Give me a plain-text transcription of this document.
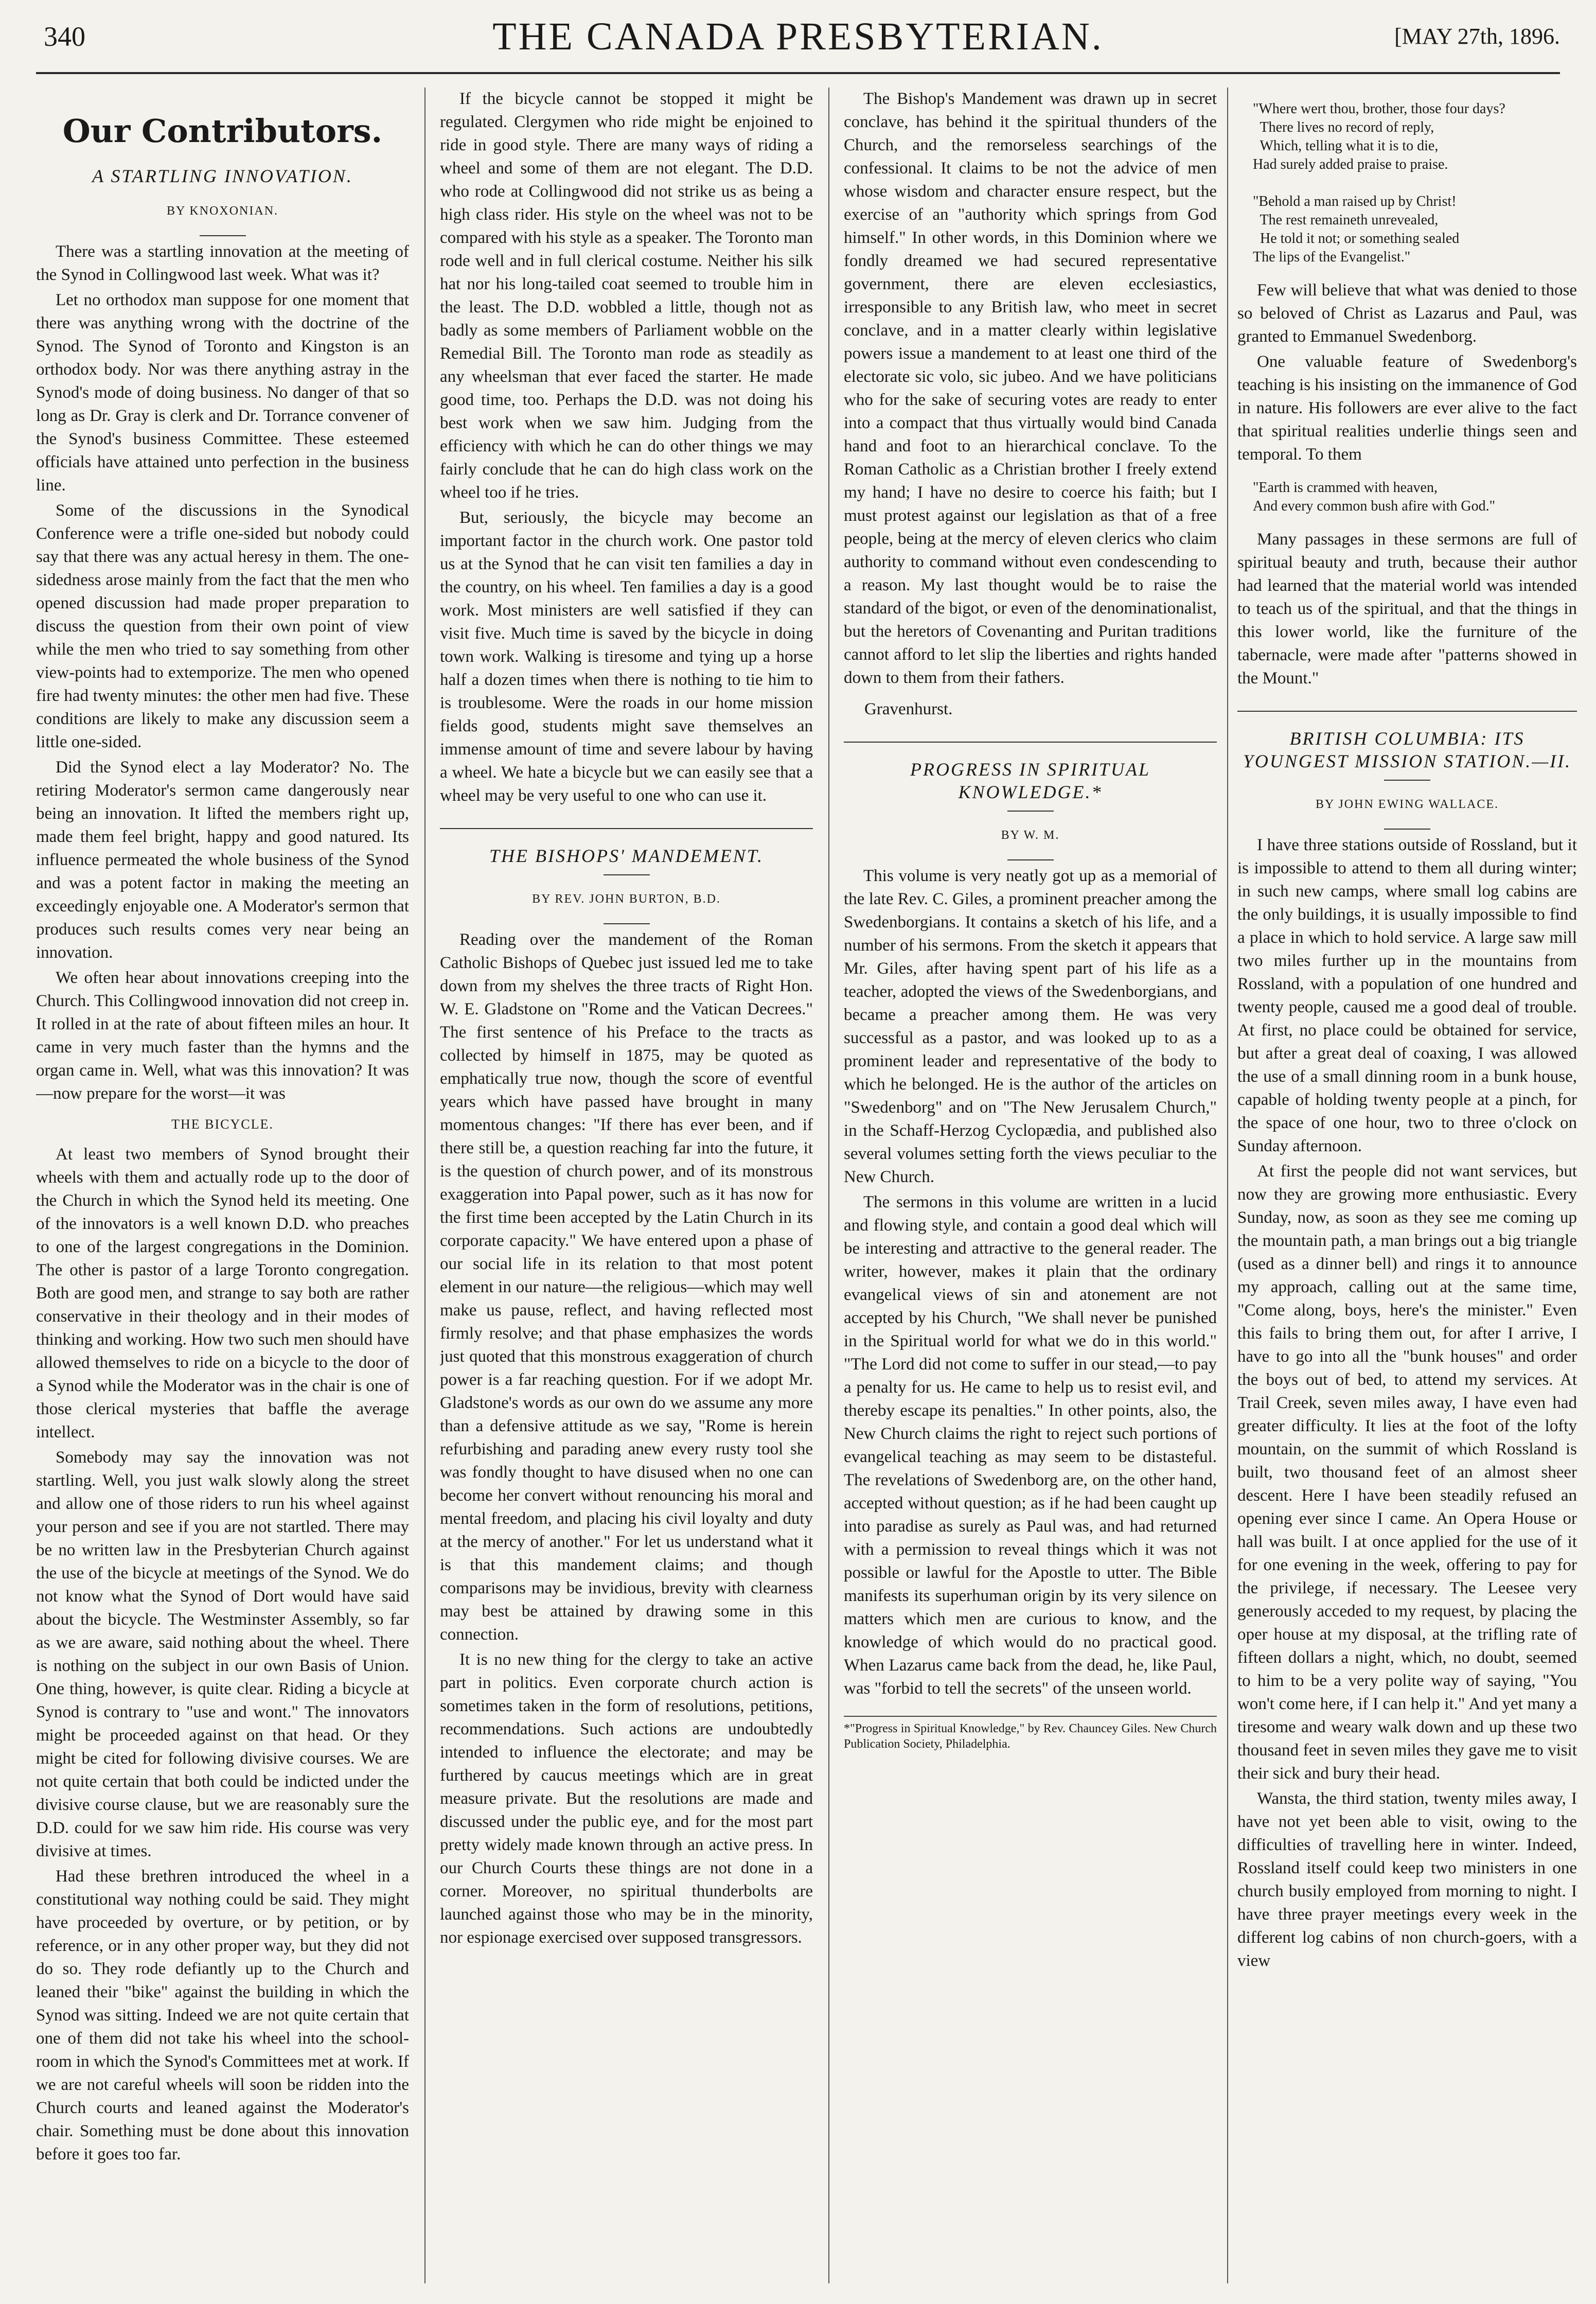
340	THE CANADA PRESBYTERIAN.	[MAY 27th, 1896.
Our Contributors.
A STARTLING INNOVATION.
BY KNOXONIAN.

There was a startling innovation at the meeting of the Synod in Collingwood last week. What was it?

Let no orthodox man suppose for one moment that there was anything wrong with the doctrine of the Synod. The Synod of Toronto and Kingston is an orthodox body. Nor was there anything astray in the Synod's mode of doing business. No danger of that so long as Dr. Gray is clerk and Dr. Torrance convener of the Synod's business Committee. These esteemed officials have attained unto perfection in the business line.

Some of the discussions in the Synodical Conference were a trifle one-sided but nobody could say that there was any actual heresy in them. The one-sidedness arose mainly from the fact that the men who opened discussion had made proper preparation to discuss the question from their own point of view while the men who tried to say something from other view-points had to extemporize. The men who opened fire had twenty minutes: the other men had five. These conditions are likely to make any discussion seem a little one-sided.

Did the Synod elect a lay Moderator? No. The retiring Moderator's sermon came dangerously near being an innovation. It lifted the members right up, made them feel bright, happy and good natured. Its influence permeated the whole business of the Synod and was a potent factor in making the meeting an exceedingly enjoyable one. A Moderator's sermon that produces such results comes very near being an innovation.

We often hear about innovations creeping into the Church. This Collingwood innovation did not creep in. It rolled in at the rate of about fifteen miles an hour. It came in very much faster than the hymns and the organ came in. Well, what was this innovation? It was—now prepare for the worst—it was

THE BICYCLE.

At least two members of Synod brought their wheels with them and actually rode up to the door of the Church in which the Synod held its meeting. One of the innovators is a well known D.D. who preaches to one of the largest congregations in the Dominion. The other is pastor of a large Toronto congregation. Both are good men, and strange to say both are rather conservative in their theology and in their modes of thinking and working. How two such men should have allowed themselves to ride on a bicycle to the door of a Synod while the Moderator was in the chair is one of those clerical mysteries that baffle the average intellect.

Somebody may say the innovation was not startling. Well, you just walk slowly along the street and allow one of those riders to run his wheel against your person and see if you are not startled. There may be no written law in the Presbyterian Church against the use of the bicycle at meetings of the Synod. We do not know what the Synod of Dort would have said about the bicycle. The Westminster Assembly, so far as we are aware, said nothing about the wheel. There is nothing on the subject in our own Basis of Union. One thing, however, is quite clear. Riding a bicycle at Synod is contrary to "use and wont." The innovators might be proceeded against on that head. Or they might be cited for following divisive courses. We are not quite certain that both could be indicted under the divisive course clause, but we are reasonably sure the D.D. could for we saw him ride. His course was very divisive at times.

Had these brethren introduced the wheel in a constitutional way nothing could be said. They might have proceeded by overture, or by petition, or by reference, or in any other proper way, but they did not do so. They rode defiantly up to the Church and leaned their "bike" against the building in which the Synod was sitting. Indeed we are not quite certain that one of them did not take his wheel into the school-room in which the Synod's Committees met at work. If we are not careful wheels will soon be ridden into the Church courts and leaned against the Moderator's chair. Something must be done about this innovation before it goes too far.

If the bicycle cannot be stopped it might be regulated. Clergymen who ride might be enjoined to ride in good style. There are many ways of riding a wheel and some of them are not elegant. The D.D. who rode at Collingwood did not strike us as being a high class rider. His style on the wheel was not to be compared with his style as a speaker. The Toronto man rode well and in full clerical costume. Neither his silk hat nor his long-tailed coat seemed to trouble him in the least. The D.D. wobbled a little, though not as badly as some members of Parliament wobble on the Remedial Bill. The Toronto man rode as steadily as any wheelsman that ever faced the starter. He made good time, too. Perhaps the D.D. was not doing his best work when we saw him. Judging from the efficiency with which he can do other things we may fairly conclude that he can do high class work on the wheel too if he tries.

But, seriously, the bicycle may become an important factor in the church work. One pastor told us at the Synod that he can visit ten families a day in the country, on his wheel. Ten families a day is a good work. Most ministers are well satisfied if they can visit five. Much time is saved by the bicycle in doing town work. Walking is tiresome and tying up a horse half a dozen times when there is nothing to tie him to is troublesome. Were the roads in our home mission fields good, students might save themselves an immense amount of time and severe labour by having a wheel. We hate a bicycle but we can easily see that a wheel may be very useful to one who can use it.

THE BISHOPS' MANDEMENT.
BY REV. JOHN BURTON, B.D.

Reading over the mandement of the Roman Catholic Bishops of Quebec just issued led me to take down from my shelves the three tracts of Right Hon. W. E. Gladstone on "Rome and the Vatican Decrees." The first sentence of his Preface to the tracts as collected by himself in 1875, may be quoted as emphatically true now, though the score of eventful years which have passed have brought in many momentous changes: "If there has ever been, and if there still be, a question reaching far into the future, it is the question of church power, and of its monstrous exaggeration into Papal power, such as it has now for the first time been accepted by the Latin Church in its corporate capacity." We have entered upon a phase of our social life in its relation to that most potent element in our nature—the religious—which may well make us pause, reflect, and having reflected most firmly resolve; and that phase emphasizes the words just quoted that this monstrous exaggeration of church power is a far reaching question. For if we adopt Mr. Gladstone's words as our own do we assume any more than a defensive attitude as we say, "Rome is herein refurbishing and parading anew every rusty tool she was fondly thought to have disused when no one can become her convert without renouncing his moral and mental freedom, and placing his civil loyalty and duty at the mercy of another." For let us understand what it is that this mandement claims; and though comparisons may be invidious, brevity with clearness may best be attained by drawing some in this connection.

It is no new thing for the clergy to take an active part in politics. Even corporate church action is sometimes taken in the form of resolutions, petitions, recommendations. Such actions are undoubtedly intended to influence the electorate; and may be furthered by caucus meetings which are in great measure private. But the resolutions are made and discussed under the public eye, and for the most part pretty widely made known through an active press. In our Church Courts these things are not done in a corner. Moreover, no spiritual thunderbolts are launched against those who may be in the minority, nor espionage exercised over supposed transgressors.

The Bishop's Mandement was drawn up in secret conclave, has behind it the spiritual thunders of the Church, and the remorseless searchings of the confessional. It claims to be not the advice of men whose wisdom and character ensure respect, but the exercise of an "authority which springs from God himself." In other words, in this Dominion where we fondly dreamed we had secured representative government, there are eleven ecclesiastics, irresponsible to any British law, who meet in secret conclave, and in a matter clearly within legislative powers issue a mandement to at least one third of the electorate sic volo, sic jubeo. And we have politicians who for the sake of securing votes are ready to enter into a compact that thus virtually would bind Canada hand and foot to an hierarchical conclave. To the Roman Catholic as a Christian brother I freely extend my hand; I have no desire to coerce his faith; but I must protest against our legislation as that of a free people, being at the mercy of eleven clerics who claim authority to command without even condescending to a reason. My last thought would be to raise the standard of the bigot, or even of the denominationalist, but the heretors of Covenanting and Puritan traditions cannot afford to let slip the liberties and rights handed down to them from their fathers.

Gravenhurst.

PROGRESS IN SPIRITUAL KNOWLEDGE.*
BY W. M.

This volume is very neatly got up as a memorial of the late Rev. C. Giles, a prominent preacher among the Swedenborgians. It contains a sketch of his life, and a number of his sermons. From the sketch it appears that Mr. Giles, after having spent part of his life as a teacher, adopted the views of the Swedenborgians, and became a preacher among them. He was very successful as a pastor, and was looked up to as a prominent leader and representative of the body to which he belonged. He is the author of the articles on "Swedenborg" and on "The New Jerusalem Church," in the Schaff-Herzog Cyclopædia, and published also several volumes setting forth the views peculiar to the New Church.

The sermons in this volume are written in a lucid and flowing style, and contain a good deal which will be interesting and attractive to the general reader. The writer, however, makes it plain that the ordinary evangelical views of sin and atonement are not accepted by his Church, "We shall never be punished in the Spiritual world for what we do in this world." "The Lord did not come to suffer in our stead,—to pay a penalty for us. He came to help us to resist evil, and thereby escape its penalties." In other points, also, the New Church claims the right to reject such portions of evangelical teaching as may seem to be distasteful. The revelations of Swedenborg are, on the other hand, accepted without question; as if he had been caught up into paradise as surely as Paul was, and had returned with a permission to reveal things which it was not possible or lawful for the Apostle to utter. The Bible manifests its superhuman origin by its very silence on matters which men are curious to know, and the knowledge of which would do no practical good. When Lazarus came back from the dead, he, like Paul, was "forbid to tell the secrets" of the unseen world.

*"Progress in Spiritual Knowledge," by Rev. Chauncey Giles. New Church Publication Society, Philadelphia.
"Where wert thou, brother, those four days?
There lives no record of reply,
Which, telling what it is to die,
Had surely added praise to praise.

"Behold a man raised up by Christ!
The rest remaineth unrevealed,
He told it not; or something sealed
The lips of the Evangelist."

Few will believe that what was denied to those so beloved of Christ as Lazarus and Paul, was granted to Emmanuel Swedenborg.

One valuable feature of Swedenborg's teaching is his insisting on the immanence of God in nature. His followers are ever alive to the fact that spiritual realities underlie things seen and temporal. To them

"Earth is crammed with heaven,
And every common bush afire with God."

Many passages in these sermons are full of spiritual beauty and truth, because their author had learned that the material world was intended to teach us of the spiritual, and that the things in this lower world, like the furniture of the tabernacle, were made after "patterns showed in the Mount."

BRITISH COLUMBIA: ITS YOUNGEST MISSION STATION.—II.
BY JOHN EWING WALLACE.

I have three stations outside of Rossland, but it is impossible to attend to them all during winter; in such new camps, where small log cabins are the only buildings, it is usually impossible to find a place in which to hold service. A large saw mill two miles further up in the mountains from Rossland, with a population of one hundred and twenty people, caused me a good deal of trouble. At first, no place could be obtained for service, but after a great deal of coaxing, I was allowed the use of a small dinning room in a bunk house, capable of holding twenty people at a pinch, for the space of one hour, two to three o'clock on Sunday afternoon.

At first the people did not want services, but now they are growing more enthusiastic. Every Sunday, now, as soon as they see me coming up the mountain path, a man brings out a big triangle (used as a dinner bell) and rings it to announce my approach, calling out at the same time, "Come along, boys, here's the minister." Even this fails to bring them out, for after I arrive, I have to go into all the "bunk houses" and order the boys out of bed, to attend my services. At Trail Creek, seven miles away, I have even had greater difficulty. It lies at the foot of the lofty mountain, on the summit of which Rossland is built, two thousand feet of an almost sheer descent. Here I have been steadily refused an opening ever since I came. An Opera House or hall was built. I at once applied for the use of it for one evening in the week, offering to pay for the privilege, if necessary. The Leesee very generously acceded to my request, by placing the oper house at my disposal, at the trifling rate of fifteen dollars a night, which, no doubt, seemed to him to be a very polite way of saying, "You won't come here, if I can help it." And yet many a tiresome and weary walk down and up these two thousand feet in seven miles they gave me to visit their sick and bury their head.

Wansta, the third station, twenty miles away, I have not yet been able to visit, owing to the difficulties of travelling here in winter. Indeed, Rossland itself could keep two ministers in one church busily employed from morning to night. I have three prayer meetings every week in the different log cabins of non church-goers, with a view
